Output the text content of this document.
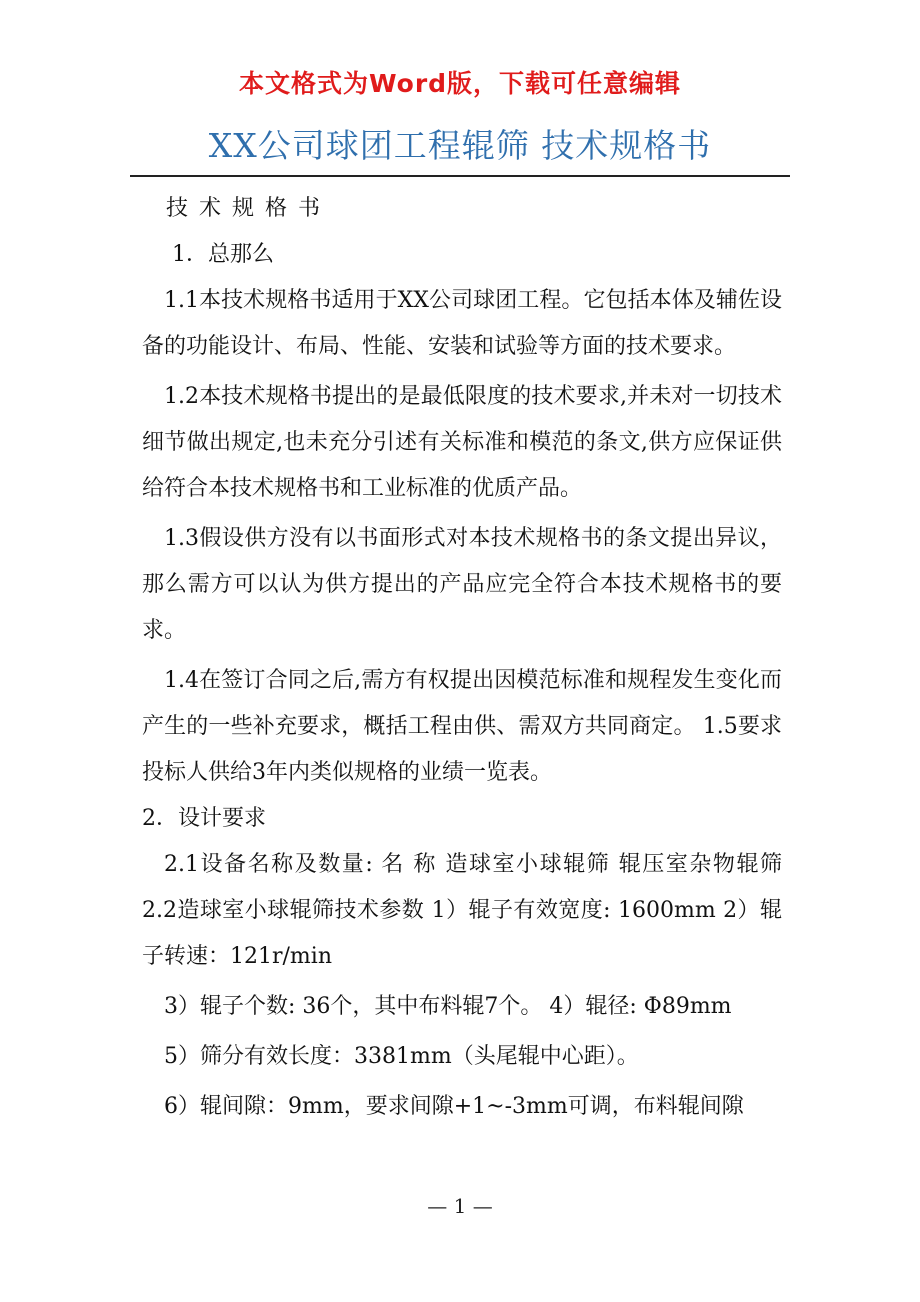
本文格式为Word版，下载可任意编辑
XX公司球团工程辊筛 技术规格书

技术规格书

1．总那么

1.1本技术规格书适用于XX公司球团工程。它包括本体及辅佐设备的功能设计、布局、性能、安装和试验等方面的技术要求。

1.2本技术规格书提出的是最低限度的技术要求,并未对一切技术细节做出规定,也未充分引述有关标准和模范的条文,供方应保证供给符合本技术规格书和工业标准的优质产品。

1.3假设供方没有以书面形式对本技术规格书的条文提出异议，那么需方可以认为供方提出的产品应完全符合本技术规格书的要求。

1.4在签订合同之后,需方有权提出因模范标准和规程发生变化而产生的一些补充要求，概括工程由供、需双方共同商定。 1.5要求投标人供给3年内类似规格的业绩一览表。

2．设计要求

2.1设备名称及数量: 名 称 造球室小球辊筛 辊压室杂物辊筛 2.2造球室小球辊筛技术参数 1）辊子有效宽度: 1600mm 2）辊子转速：121r/min

3）辊子个数: 36个，其中布料辊7个。 4）辊径: Φ89mm

5）筛分有效长度：3381mm（头尾辊中心距）。

6）辊间隙：9mm，要求间隙+1~-3mm可调，布料辊间隙

— 1 —
